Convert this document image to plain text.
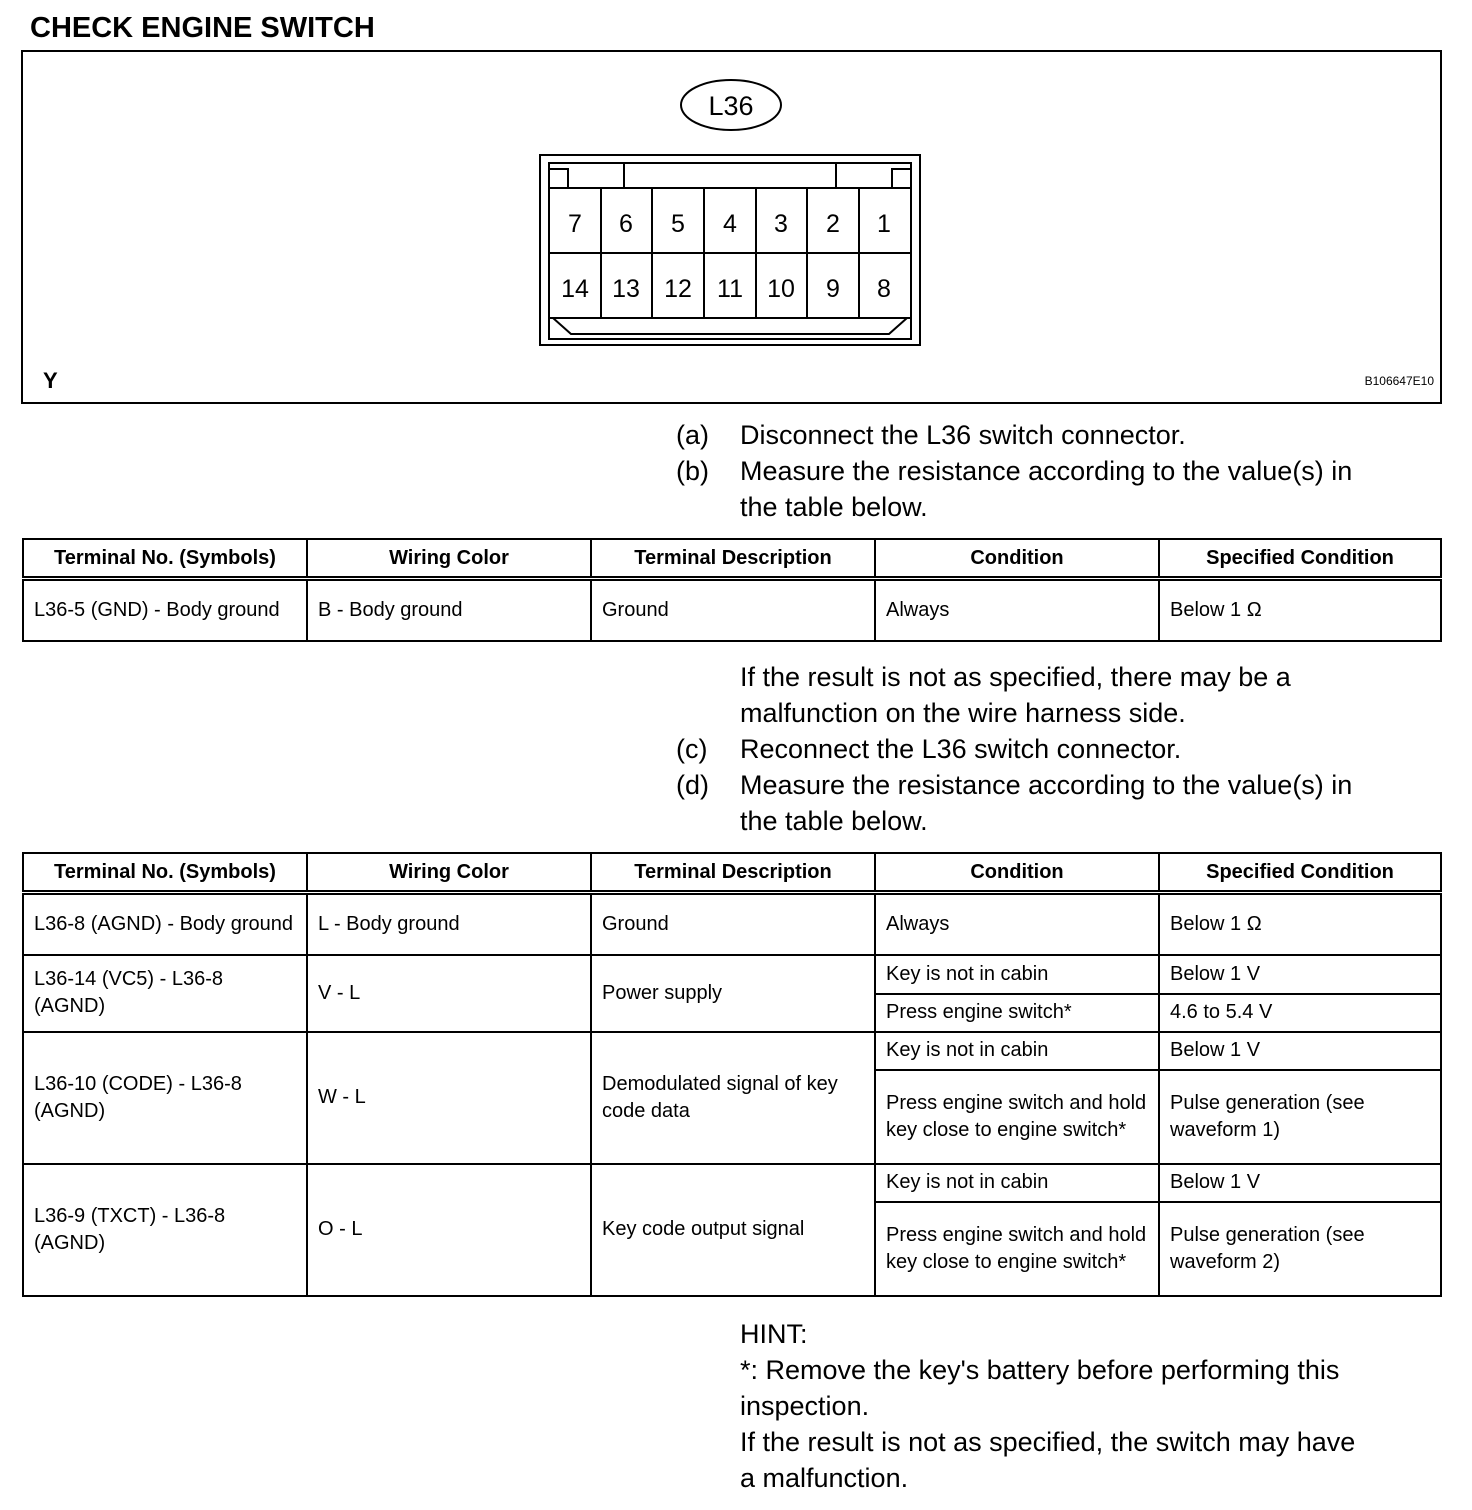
CHECK ENGINE SWITCH
L36
7 6 5 4 3 2 1
14 13 12 11 10 9 8
Y	B106647E10
(a) Disconnect the L36 switch connector.
(b) Measure the resistance according to the value(s) in
the table below.
Terminal No. (Symbols)	Wiring Color	Terminal Description	Condition	Specified Condition
L36-5 (GND) - Body ground	B - Body ground	Ground	Always	Below 1 Ω
If the result is not as specified, there may be a
malfunction on the wire harness side.
(c) Reconnect the L36 switch connector.
(d) Measure the resistance according to the value(s) in
the table below.
Terminal No. (Symbols)	Wiring Color	Terminal Description	Condition	Specified Condition
L36-8 (AGND) - Body ground	L - Body ground	Ground	Always	Below 1 Ω
L36-14 (VC5) - L36-8 (AGND)	V - L	Power supply	Key is not in cabin	Below 1 V
			Press engine switch*	4.6 to 5.4 V
L36-10 (CODE) - L36-8 (AGND)	W - L	Demodulated signal of key code data	Key is not in cabin	Below 1 V
			Press engine switch and hold key close to engine switch*	Pulse generation (see waveform 1)
L36-9 (TXCT) - L36-8 (AGND)	O - L	Key code output signal	Key is not in cabin	Below 1 V
			Press engine switch and hold key close to engine switch*	Pulse generation (see waveform 2)
HINT:
*: Remove the key's battery before performing this
inspection.
If the result is not as specified, the switch may have
a malfunction.
